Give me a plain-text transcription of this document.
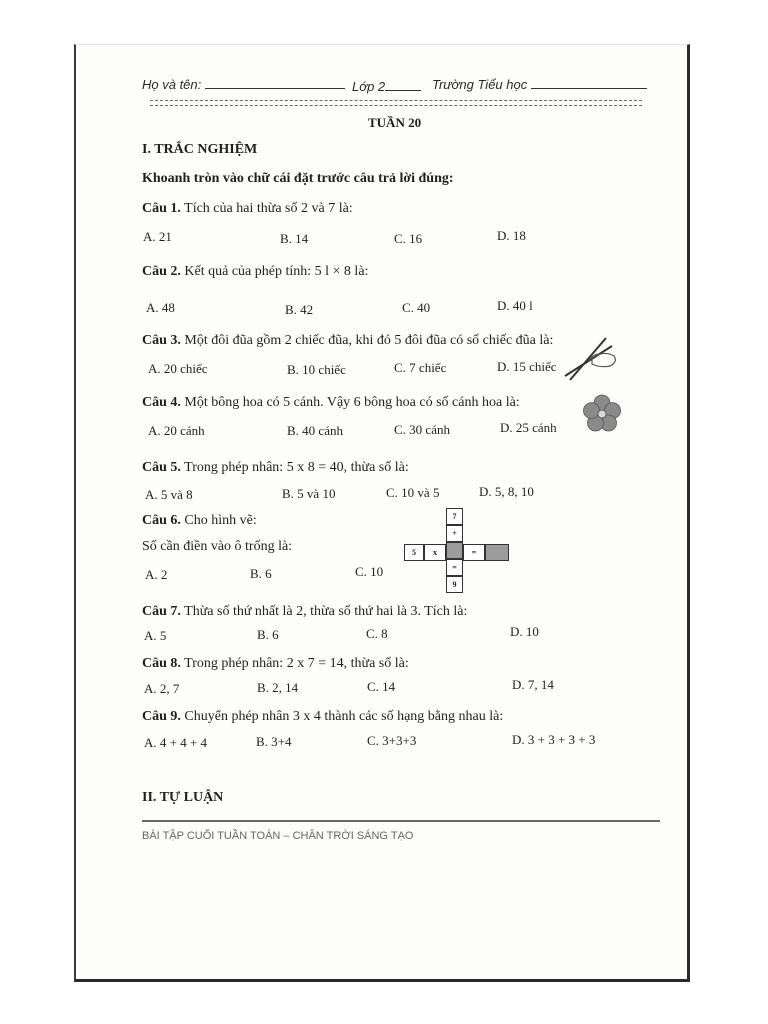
Họ và tên:	Lớp 2	Trường Tiểu học
TUẦN 20
I. TRẮC NGHIỆM
Khoanh tròn vào chữ cái đặt trước câu trả lời đúng:
Câu 1. Tích của hai thừa số 2 và 7 là:
A. 21	B. 14	C. 16	D. 18
Câu 2. Kết quả của phép tính: 5 l × 8 là:
A. 48	B. 42	C. 40	D. 40 l
Câu 3. Một đôi đũa gồm 2 chiếc đũa, khi đó 5 đôi đũa có số chiếc đũa là:
A. 20 chiếc	B. 10 chiếc	C. 7 chiếc	D. 15 chiếc
Câu 4. Một bông hoa có 5 cánh. Vậy 6 bông hoa có số cánh hoa là:
A. 20 cánh	B. 40 cánh	C. 30 cánh	D. 25 cánh
Câu 5. Trong phép nhân: 5 x 8 = 40, thừa số là:
A. 5 và 8	B. 5 và 10	C. 10 và 5	D. 5, 8, 10
Câu 6. Cho hình vẽ:
Số cần điền vào ô trống là:
A. 2	B. 6	C. 10
7
+
5	x	=
=
9
Câu 7. Thừa số thứ nhất là 2, thừa số thứ hai là 3. Tích là:
A. 5	B. 6	C. 8	D. 10
Câu 8. Trong phép nhân: 2 x 7 = 14, thừa số là:
A. 2, 7	B. 2, 14	C. 14	D. 7, 14
Câu 9. Chuyển phép nhân 3 x 4 thành các số hạng bằng nhau là:
A. 4 + 4 + 4	B. 3+4	C. 3+3+3	D. 3 + 3 + 3 + 3
II. TỰ LUẬN
BÀI TẬP CUỐI TUẦN TOÁN – CHÂN TRỜI SÁNG TẠO
